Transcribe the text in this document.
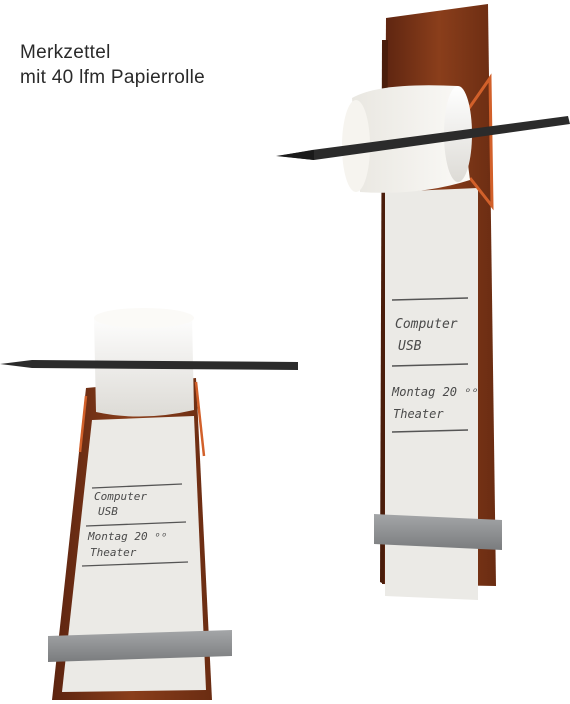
Merkzettel
mit 40 lfm Papierrolle
Computer
USB
Montag 20 ᵒᵒ
Theater
Computer
USB
Montag 20 ᵒᵒ
Theater
